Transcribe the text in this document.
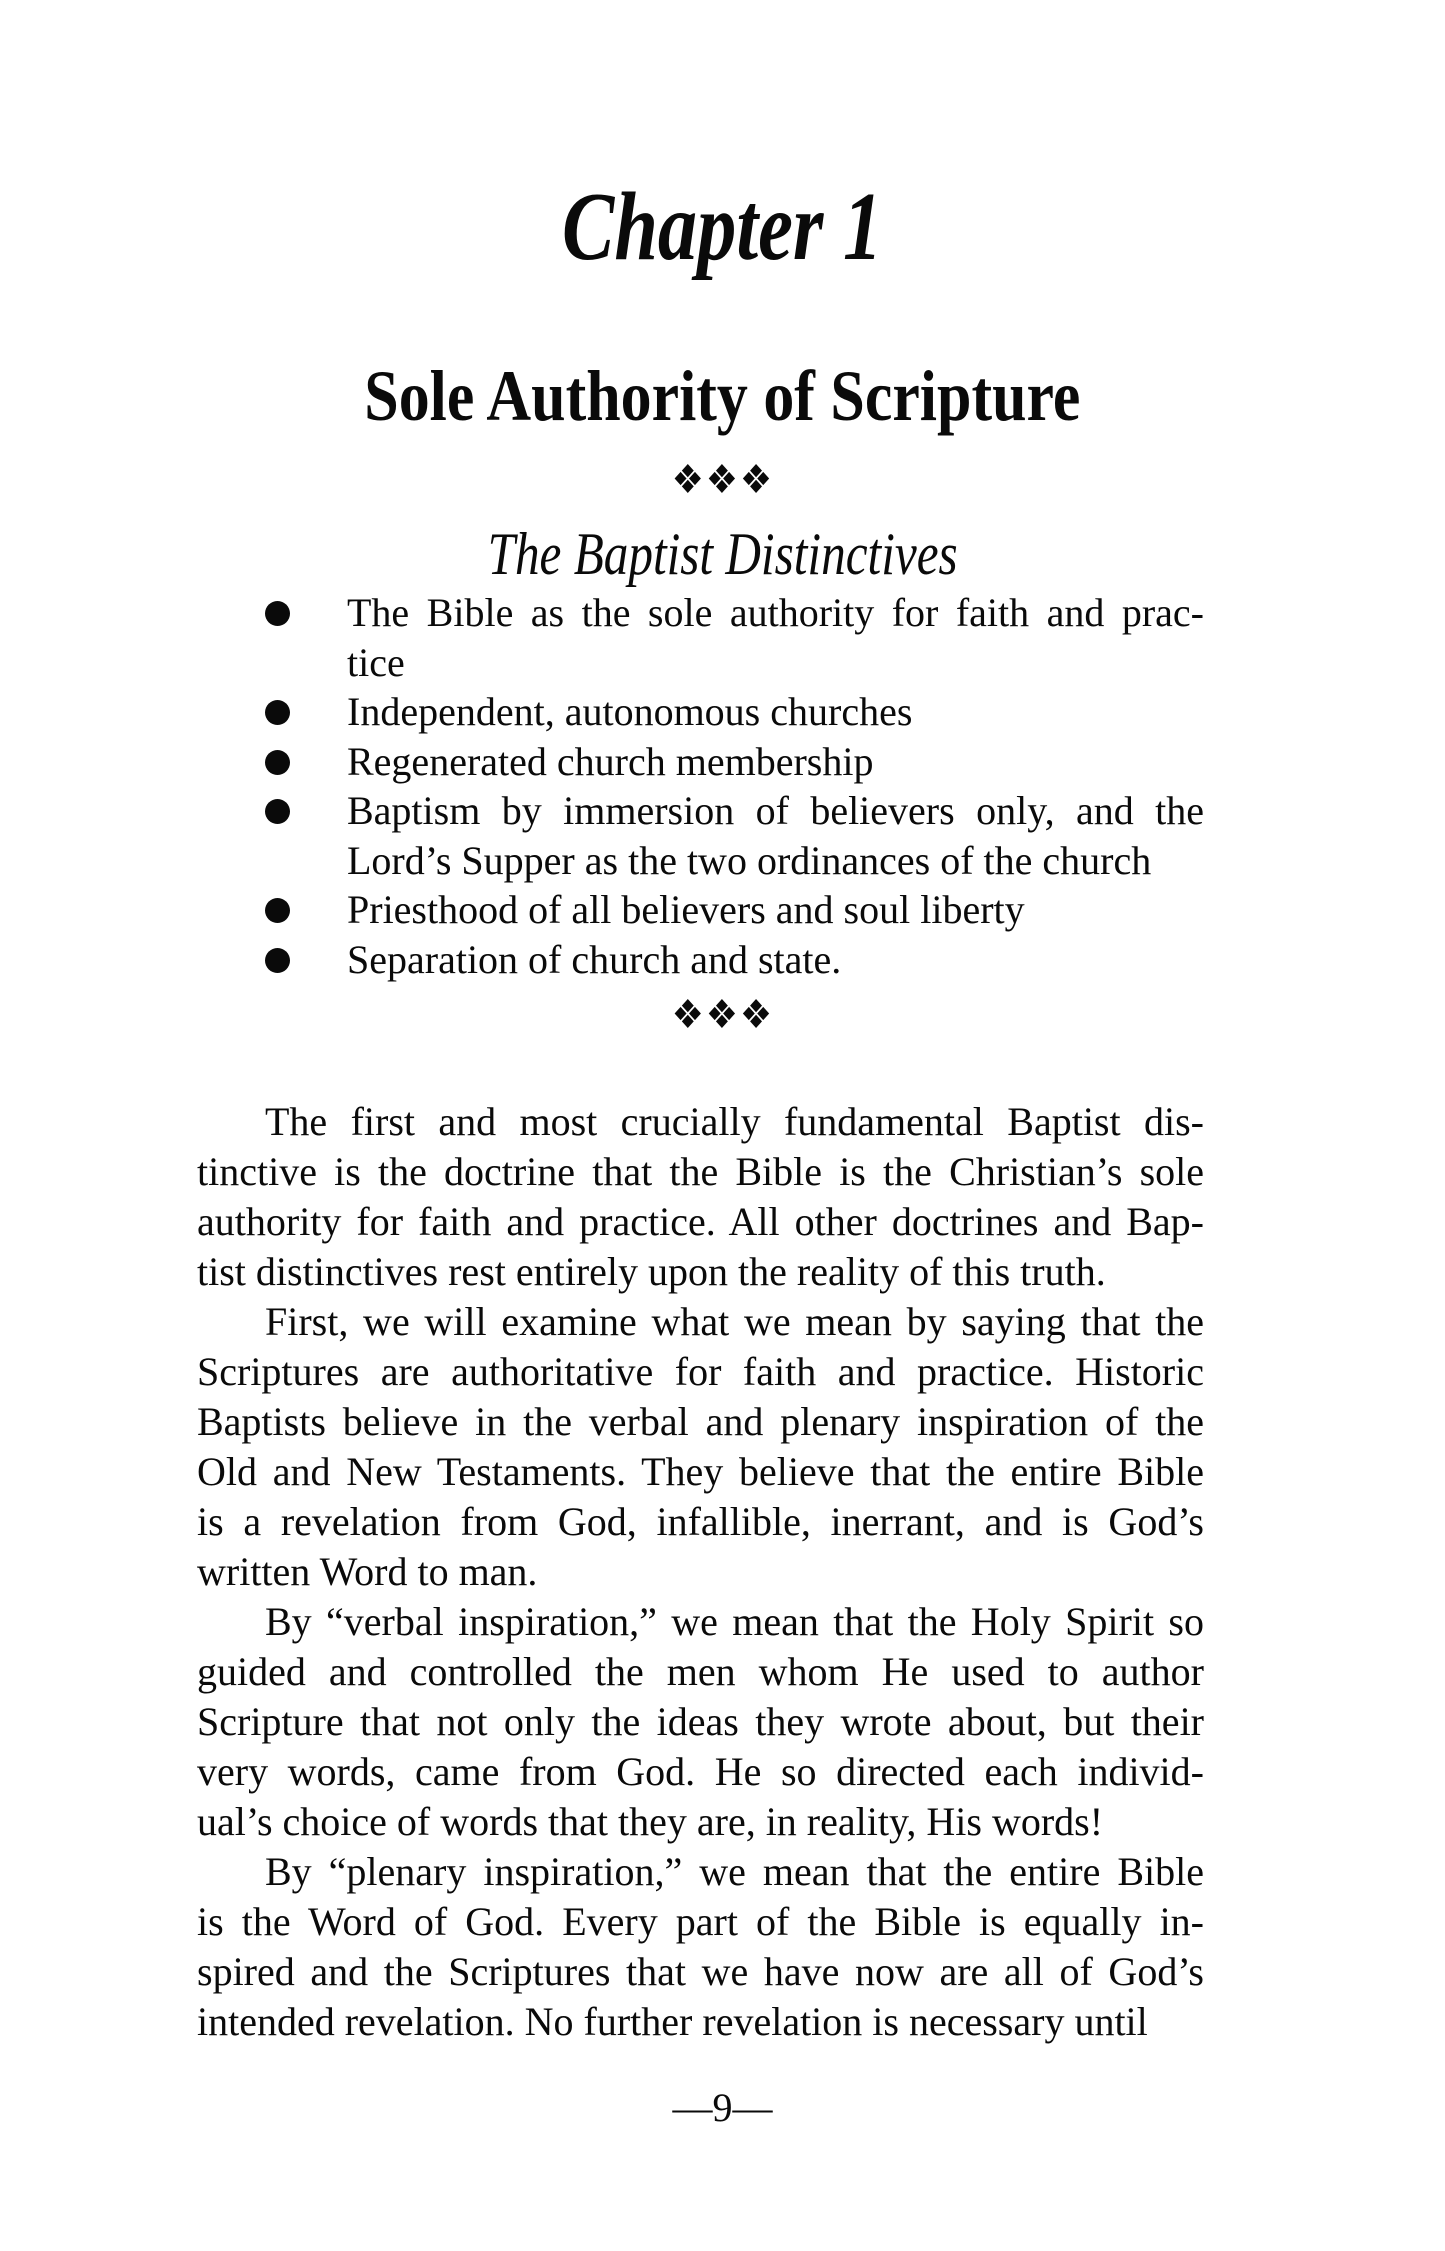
Chapter 1
Sole Authority of Scripture
❖❖❖
The Baptist Distinctives
The Bible as the sole authority for faith and prac-
tice
Independent, autonomous churches
Regenerated church membership
Baptism by immersion of believers only, and the
Lord’s Supper as the two ordinances of the church
Priesthood of all believers and soul liberty
Separation of church and state.
❖❖❖
The first and most crucially fundamental Baptist dis-
tinctive is the doctrine that the Bible is the Christian’s sole
authority for faith and practice. All other doctrines and Bap-
tist distinctives rest entirely upon the reality of this truth.
First, we will examine what we mean by saying that the
Scriptures are authoritative for faith and practice. Historic
Baptists believe in the verbal and plenary inspiration of the
Old and New Testaments. They believe that the entire Bible
is a revelation from God, infallible, inerrant, and is God’s
written Word to man.
By “verbal inspiration,” we mean that the Holy Spirit so
guided and controlled the men whom He used to author
Scripture that not only the ideas they wrote about, but their
very words, came from God. He so directed each individ-
ual’s choice of words that they are, in reality, His words!
By “plenary inspiration,” we mean that the entire Bible
is the Word of God. Every part of the Bible is equally in-
spired and the Scriptures that we have now are all of God’s
intended revelation. No further revelation is necessary until
—9—
